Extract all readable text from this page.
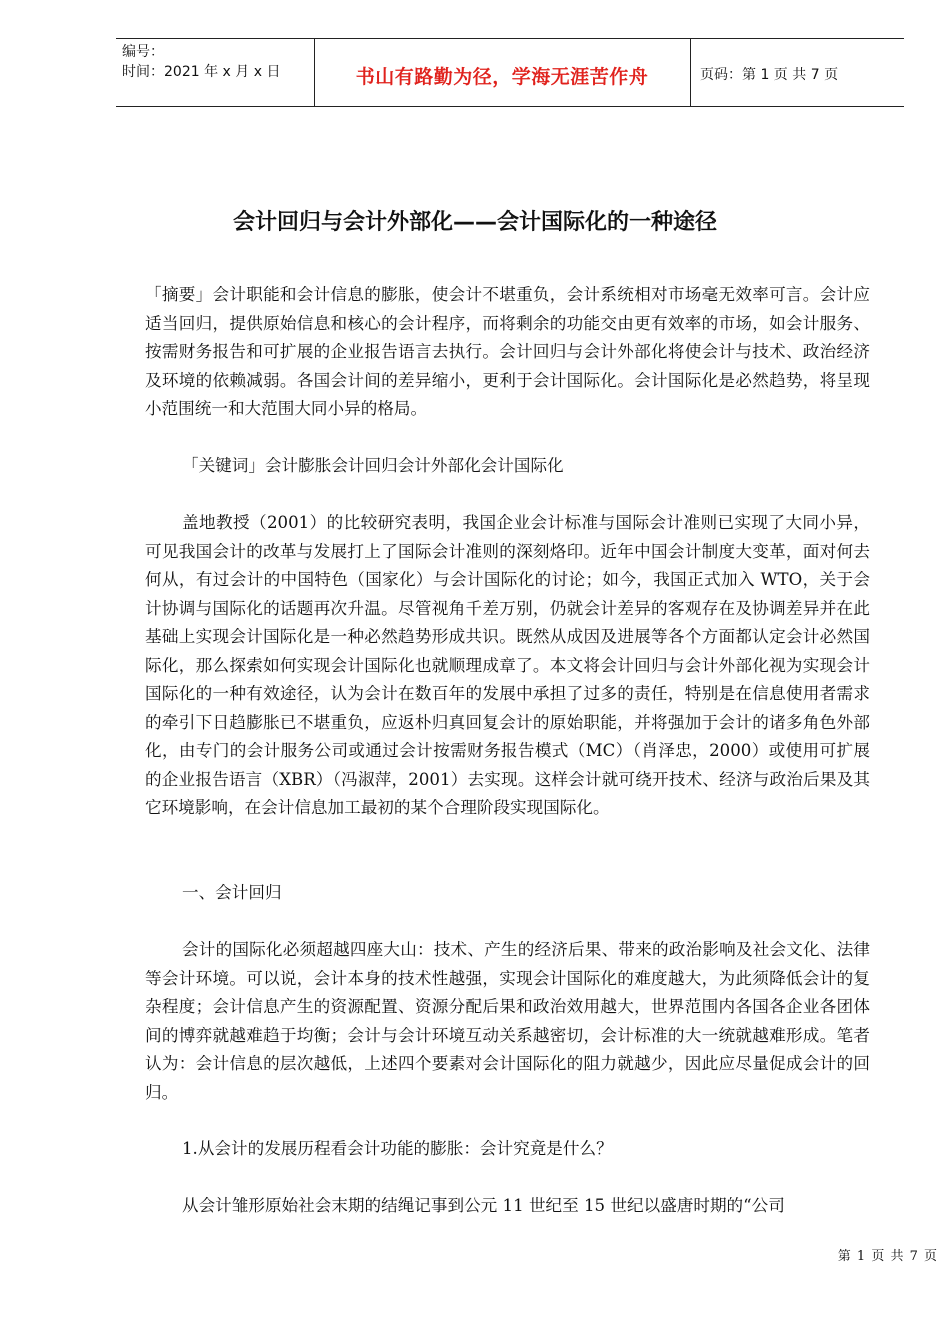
编号：
时间：2021 年 x 月 x 日	书山有路勤为径，学海无涯苦作舟	页码：第 1 页 共 7 页
会计回归与会计外部化——会计国际化的一种途径

「摘要」会计职能和会计信息的膨胀，使会计不堪重负，会计系统相对市场毫无效率可言。会计应适当回归，提供原始信息和核心的会计程序，而将剩余的功能交由更有效率的市场，如会计服务、按需财务报告和可扩展的企业报告语言去执行。会计回归与会计外部化将使会计与技术、政治经济及环境的依赖减弱。各国会计间的差异缩小，更利于会计国际化。会计国际化是必然趋势，将呈现小范围统一和大范围大同小异的格局。

「关键词」会计膨胀会计回归会计外部化会计国际化

盖地教授（2001）的比较研究表明，我国企业会计标准与国际会计准则已实现了大同小异，可见我国会计的改革与发展打上了国际会计准则的深刻烙印。近年中国会计制度大变革，面对何去何从，有过会计的中国特色（国家化）与会计国际化的讨论；如今，我国正式加入 WTO，关于会计协调与国际化的话题再次升温。尽管视角千差万别，仍就会计差异的客观存在及协调差异并在此基础上实现会计国际化是一种必然趋势形成共识。既然从成因及进展等各个方面都认定会计必然国际化，那么探索如何实现会计国际化也就顺理成章了。本文将会计回归与会计外部化视为实现会计国际化的一种有效途径，认为会计在数百年的发展中承担了过多的责任，特别是在信息使用者需求的牵引下日趋膨胀已不堪重负，应返朴归真回复会计的原始职能，并将强加于会计的诸多角色外部化，由专门的会计服务公司或通过会计按需财务报告模式（MC）（肖泽忠，2000）或使用可扩展的企业报告语言（XBR）（冯淑萍，2001）去实现。这样会计就可绕开技术、经济与政治后果及其它环境影响，在会计信息加工最初的某个合理阶段实现国际化。

一、会计回归

会计的国际化必须超越四座大山：技术、产生的经济后果、带来的政治影响及社会文化、法律等会计环境。可以说，会计本身的技术性越强，实现会计国际化的难度越大，为此须降低会计的复杂程度；会计信息产生的资源配置、资源分配后果和政治效用越大，世界范围内各国各企业各团体间的博弈就越难趋于均衡；会计与会计环境互动关系越密切，会计标准的大一统就越难形成。笔者认为：会计信息的层次越低，上述四个要素对会计国际化的阻力就越少，因此应尽量促成会计的回归。

1.从会计的发展历程看会计功能的膨胀：会计究竟是什么？

从会计雏形原始社会末期的结绳记事到公元 11 世纪至 15 世纪以盛唐时期的“公司

第 1 页 共 7 页
